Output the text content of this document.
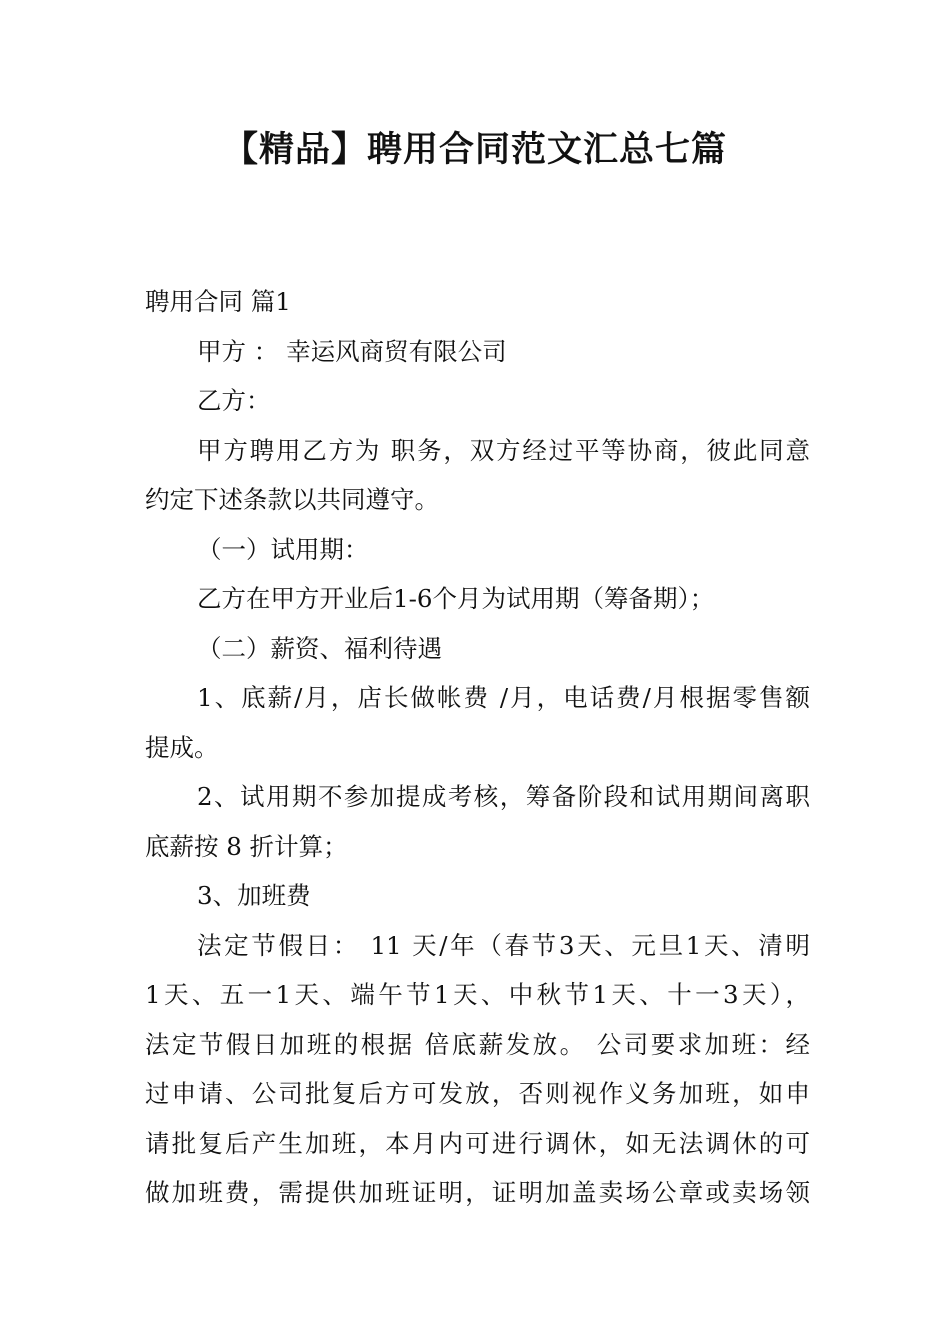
【精品】聘用合同范文汇总七篇

聘用合同 篇1

甲方 ： 幸运风商贸有限公司

乙方：

甲方聘用乙方为 职务，双方经过平等协商，彼此同意

约定下述条款以共同遵守。

（一）试用期：

乙方在甲方开业后1-6个月为试用期（筹备期）；

（二）薪资、福利待遇

1、底薪/月，店长做帐费 /月，电话费/月根据零售额

提成。

2、试用期不参加提成考核，筹备阶段和试用期间离职

底薪按 8 折计算；

3、加班费

法定节假日： 11 天/年（春节3天、元旦1天、清明

1天、五一1天、端午节1天、中秋节1天、十一3天），

法定节假日加班的根据 倍底薪发放。 公司要求加班：经

过申请、公司批复后方可发放，否则视作义务加班，如申

请批复后产生加班，本月内可进行调休，如无法调休的可

做加班费，需提供加班证明，证明加盖卖场公章或卖场领
